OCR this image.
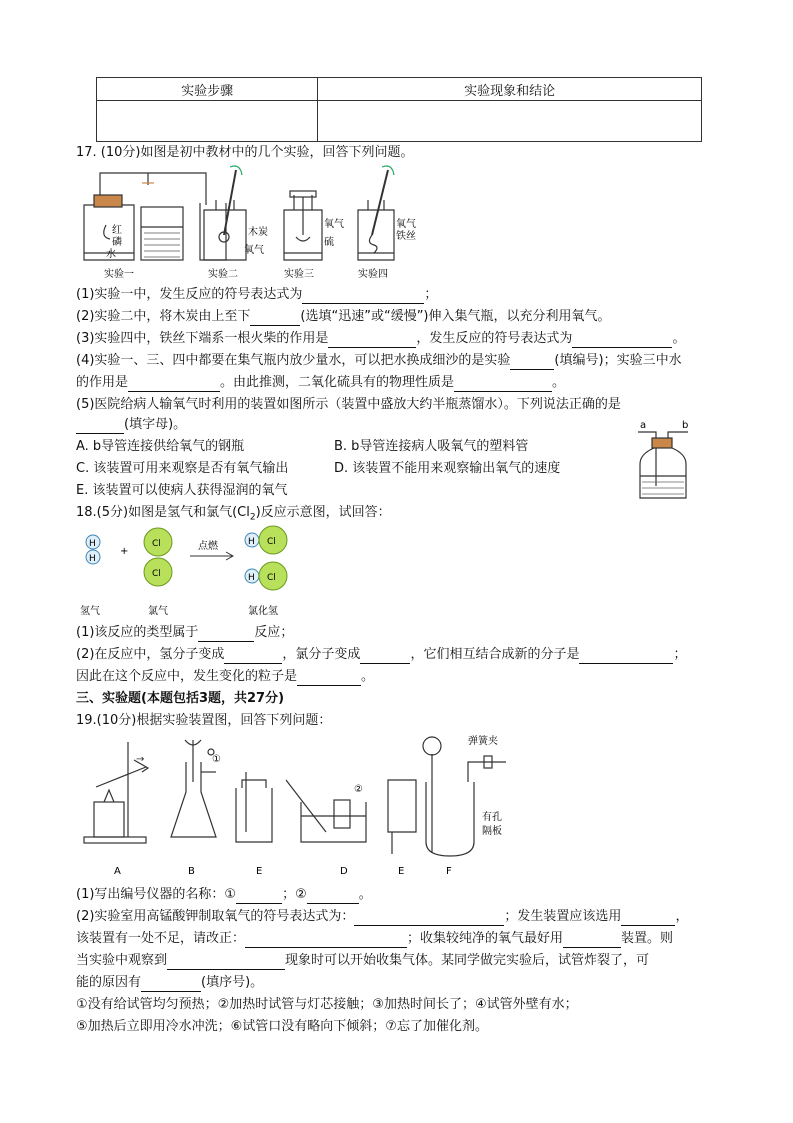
实验步骤	实验现象和结论

17. (10分)如图是初中教材中的几个实验，回答下列问题。
红
磷
水
实验一
木炭
氧气
实验二
氧气
硫
实验三
氧气
铁丝
实验四
(1)实验一中，发生反应的符号表达式为	；
(2)实验二中，将木炭由上至下	(选填“迅速”或“缓慢”)伸入集气瓶，以充分利用氧气。
(3)实验四中，铁丝下端系一根火柴的作用是	，发生反应的符号表达式为	。
(4)实验一、三、四中都要在集气瓶内放少量水，可以把水换成细沙的是实验	(填编号)；实验三中水
的作用是	。由此推测，二氧化硫具有的物理性质是	。
(5)医院给病人输氧气时利用的装置如图所示（装置中盛放大约半瓶蒸馏水）。下列说法正确的是
(填字母)。
A. b导管连接供给氧气的钢瓶	B. b导管连接病人吸氧气的塑料管
C. 该装置可用来观察是否有氧气输出	D. 该装置不能用来观察输出氧气的速度
E. 该装置可以使病人获得湿润的氧气
a	b
18.(5分)如图是氢气和氯气$(Cl_2)$反应示意图，试回答：
H
H
+
Cl
Cl
点燃	H Cl
H Cl
氢气	氯气	氯化氢
(1)该反应的类型属于	反应；
(2)在反应中，氢分子变成	，氯分子变成	，它们相互结合成新的分子是	；
因此在这个反应中，发生变化的粒子是	。
三、实验题(本题包括3题，共27分)
19.(10分)根据实验装置图，回答下列问题：
→	①
②
弹簧夹
有孔
隔板
A	B	E	D	E	F
(1)写出编号仪器的名称：①	；②	。
(2)实验室用高锰酸钾制取氧气的符号表达式为：	；发生装置应该选用	，
该装置有一处不足，请改正：	；收集较纯净的氧气最好用	装置。则
当实验中观察到	现象时可以开始收集气体。某同学做完实验后，试管炸裂了，可
能的原因有	(填序号)。
①没有给试管均匀预热；②加热时试管与灯芯接触；③加热时间长了；④试管外壁有水；
⑤加热后立即用冷水冲洗；⑥试管口没有略向下倾斜；⑦忘了加催化剂。
